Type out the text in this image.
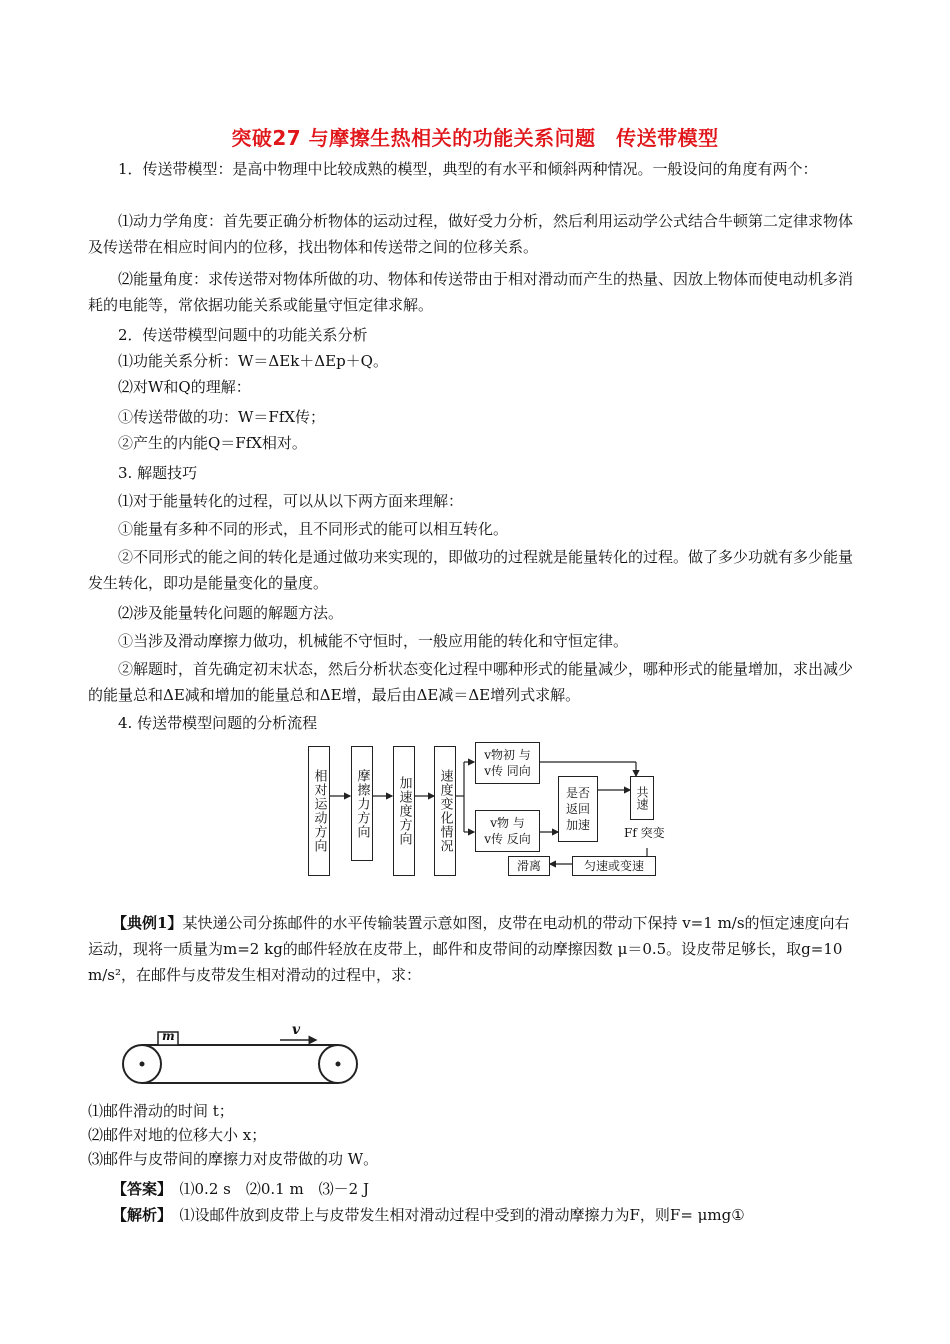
突破27 与摩擦生热相关的功能关系问题　传送带模型
1．传送带模型：是高中物理中比较成熟的模型，典型的有水平和倾斜两种情况。一般设问的角度有两个：
⑴动力学角度：首先要正确分析物体的运动过程，做好受力分析，然后利用运动学公式结合牛顿第二定律求物体及传送带在相应时间内的位移，找出物体和传送带之间的位移关系。
⑵能量角度：求传送带对物体所做的功、物体和传送带由于相对滑动而产生的热量、因放上物体而使电动机多消耗的电能等，常依据功能关系或能量守恒定律求解。
2．传送带模型问题中的功能关系分析
⑴功能关系分析：W＝ΔEk＋ΔEp＋Q。
⑵对W和Q的理解：
①传送带做的功：W＝FfX传；
②产生的内能Q＝FfX相对。
3. 解题技巧
⑴对于能量转化的过程，可以从以下两方面来理解：
①能量有多种不同的形式，且不同形式的能可以相互转化。
②不同形式的能之间的转化是通过做功来实现的，即做功的过程就是能量转化的过程。做了多少功就有多少能量发生转化，即功是能量变化的量度。
⑵涉及能量转化问题的解题方法。
①当涉及滑动摩擦力做功，机械能不守恒时，一般应用能的转化和守恒定律。
②解题时，首先确定初末状态，然后分析状态变化过程中哪种形式的能量减少，哪种形式的能量增加，求出减少的能量总和ΔE减和增加的能量总和ΔE增，最后由ΔE减＝ΔE增列式求解。
4. 传送带模型问题的分析流程
相对运动方向 摩擦力方向 加速度方向 速度变化情况
v物初 与
v传 同向
v物 与
v传 反向
是否返回加速
共速
Ff 突变
匀速或变速
滑离
【典例1】某快递公司分拣邮件的水平传输装置示意如图，皮带在电动机的带动下保持 v=1 m/s的恒定速度向右运动，现将一质量为m=2 kg的邮件轻放在皮带上，邮件和皮带间的动摩擦因数 μ＝0.5。设皮带足够长，取g=10 m/s²，在邮件与皮带发生相对滑动的过程中，求：
m	v
⑴邮件滑动的时间 t；
⑵邮件对地的位移大小 x；
⑶邮件与皮带间的摩擦力对皮带做的功 W。
【答案】　⑴0.2 s　⑵0.1 m　⑶－2 J
【解析】　⑴设邮件放到皮带上与皮带发生相对滑动过程中受到的滑动摩擦力为F，则F= μmg①
